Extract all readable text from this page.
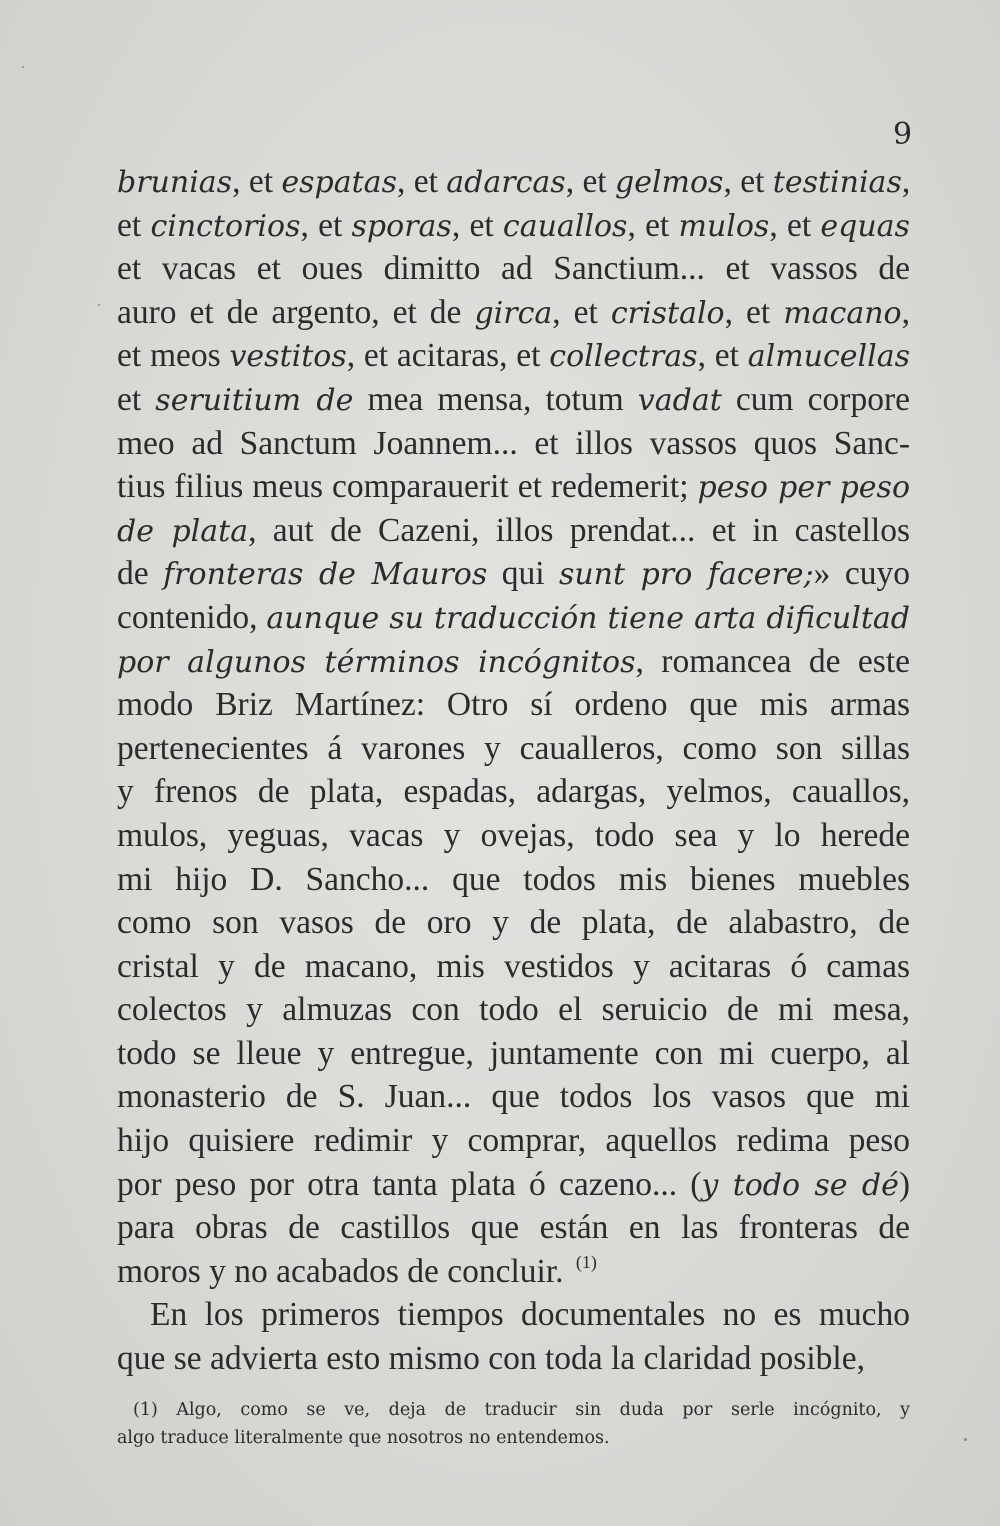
9
brunias, et espatas, et adarcas, et gelmos, et testinias,
et cinctorios, et sporas, et cauallos, et mulos, et equas
et vacas et oues dimitto ad Sanctium... et vassos de
auro et de argento, et de girca, et cristalo, et macano,
et meos vestitos, et acitaras, et collectras, et almucellas
et seruitium de mea mensa, totum vadat cum corpore
meo ad Sanctum Joannem... et illos vassos quos Sanc-
tius filius meus comparauerit et redemerit; peso per peso
de plata, aut de Cazeni, illos prendat... et in castellos
de fronteras de Mauros qui sunt pro facere;» cuyo
contenido, aunque su traducción tiene arta dificultad
por algunos términos incógnitos, romancea de este
modo Briz Martínez: Otro sí ordeno que mis armas
pertenecientes á varones y caualleros, como son sillas
y frenos de plata, espadas, adargas, yelmos, cauallos,
mulos, yeguas, vacas y ovejas, todo sea y lo herede
mi hijo D. Sancho... que todos mis bienes muebles
como son vasos de oro y de plata, de alabastro, de
cristal y de macano, mis vestidos y acitaras ó camas
colectos y almuzas con todo el seruicio de mi mesa,
todo se lleue y entregue, juntamente con mi cuerpo, al
monasterio de S. Juan... que todos los vasos que mi
hijo quisiere redimir y comprar, aquellos redima peso
por peso por otra tanta plata ó cazeno... (y todo se dé)
para obras de castillos que están en las fronteras de
moros y no acabados de concluir. $^{(1)}$
En los primeros tiempos documentales no es mucho
que se advierta esto mismo con toda la claridad posible,
(1) Algo, como se ve, deja de traducir sin duda por serle incógnito, y
algo traduce literalmente que nosotros no entendemos.
